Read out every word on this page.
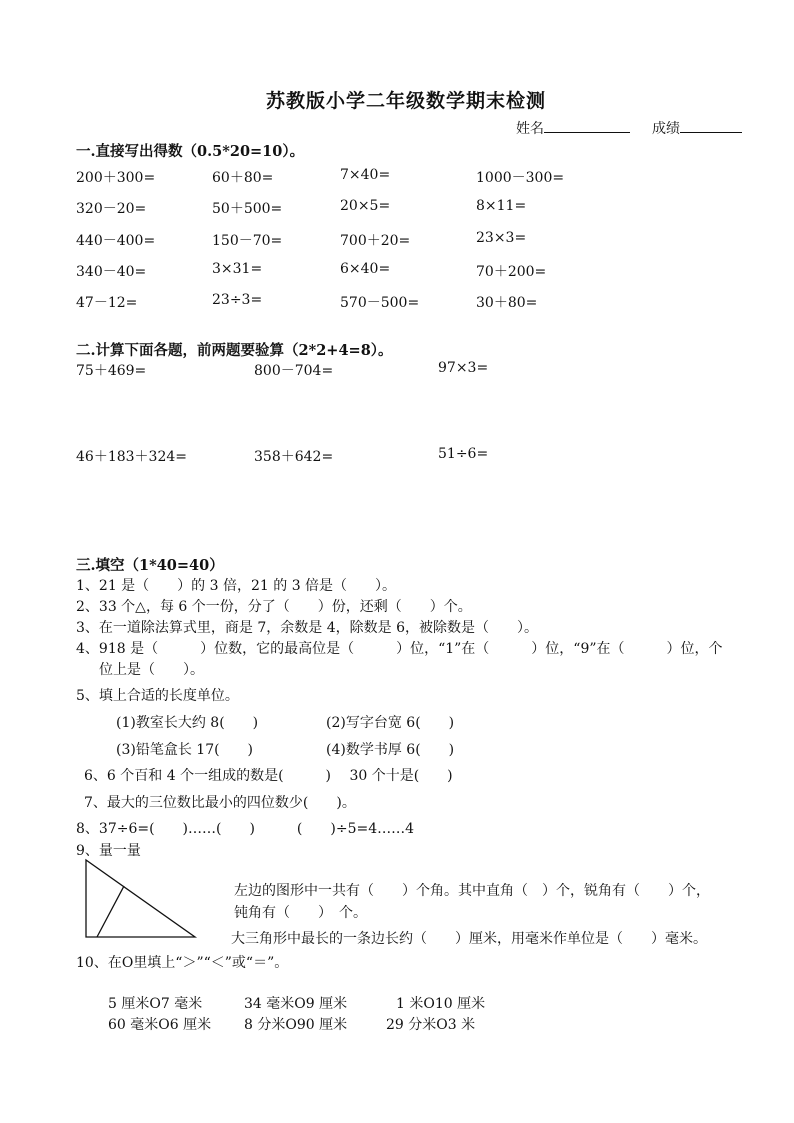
苏教版小学二年级数学期末检测
姓名	成绩
一.直接写出得数（0.5*20=10）。
200＋300=	60＋80=	7×40=	1000－300=
320－20=	50＋500=	20×5=	8×11=
440－400=	150－70=	700＋20=	23×3=
340－40=	3×31=	6×40=	70＋200=
47－12=	23÷3=	570－500=	30＋80=
二.计算下面各题，前两题要验算（2*2+4=8）。
75＋469=	800－704=	97×3=
46＋183＋324=	358＋642=	51÷6=
三.填空（1*40=40）
1、21 是（　　）的 3 倍，21 的 3 倍是（　　）。
2、33 个△，每 6 个一份，分了（　　）份，还剩（　　）个。
3、在一道除法算式里，商是 7，余数是 4，除数是 6，被除数是（　　）。
4、918 是（　　　）位数，它的最高位是（　　　）位，“1”在（　　　）位，“9”在（　　　）位，个
位上是（　　）。
5、填上合适的长度单位。
(1)教室长大约 8(　　)	(2)写字台宽 6(　　)
(3)铅笔盒长 17(　　)	(4)数学书厚 6(　　)
6、6 个百和 4 个一组成的数是(　　　)　 30 个十是(　　)
7、最大的三位数比最小的四位数少(　　)。
8、37÷6=(　　)……(　　)　　　(　　)÷5=4……4
9、量一量
左边的图形中一共有（　　）个角。其中直角（　）个，锐角有（　　）个，
钝角有（　　）　个。
大三角形中最长的一条边长约（　　）厘米，用毫米作单位是（　　）毫米。
10、在O里填上“＞”“＜”或“＝”。
5 厘米O7 毫米	34 毫米O9 厘米	1 米O10 厘米
60 毫米O6 厘米 8 分米O90 厘米	29 分米O3 米
